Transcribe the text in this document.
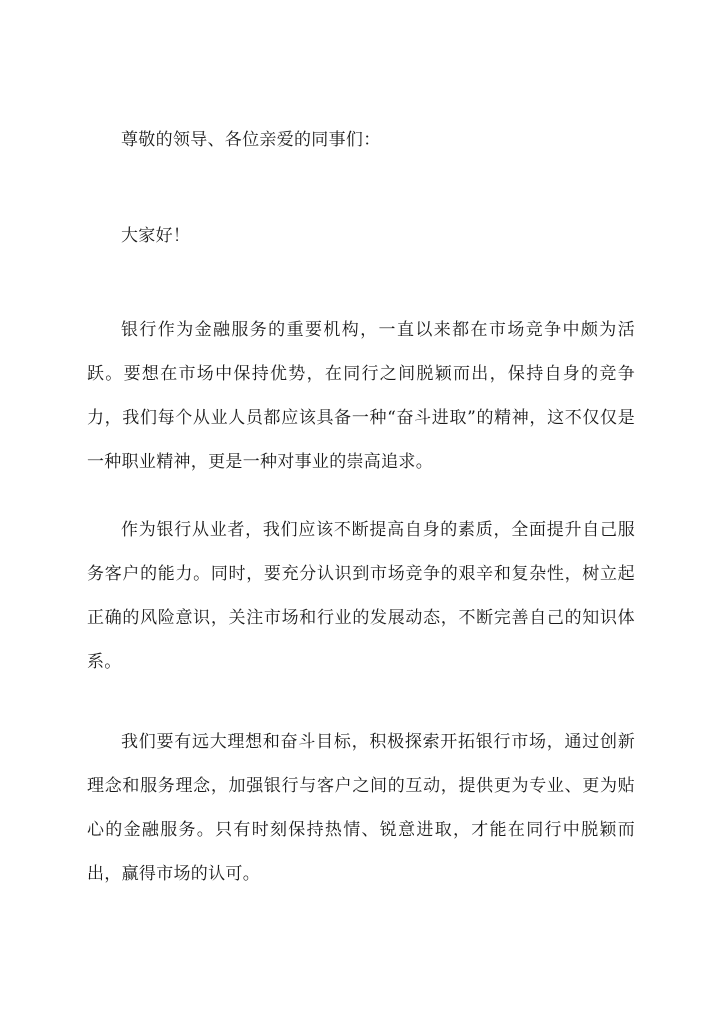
尊敬的领导、各位亲爱的同事们：

大家好！

银行作为金融服务的重要机构，一直以来都在市场竞争中颇为活跃。要想在市场中保持优势，在同行之间脱颖而出，保持自身的竞争力，我们每个从业人员都应该具备一种“奋斗进取”的精神，这不仅仅是一种职业精神，更是一种对事业的崇高追求。

作为银行从业者，我们应该不断提高自身的素质，全面提升自己服务客户的能力。同时，要充分认识到市场竞争的艰辛和复杂性，树立起正确的风险意识，关注市场和行业的发展动态，不断完善自己的知识体系。

我们要有远大理想和奋斗目标，积极探索开拓银行市场，通过创新理念和服务理念，加强银行与客户之间的互动，提供更为专业、更为贴心的金融服务。只有时刻保持热情、锐意进取，才能在同行中脱颖而出，赢得市场的认可。
